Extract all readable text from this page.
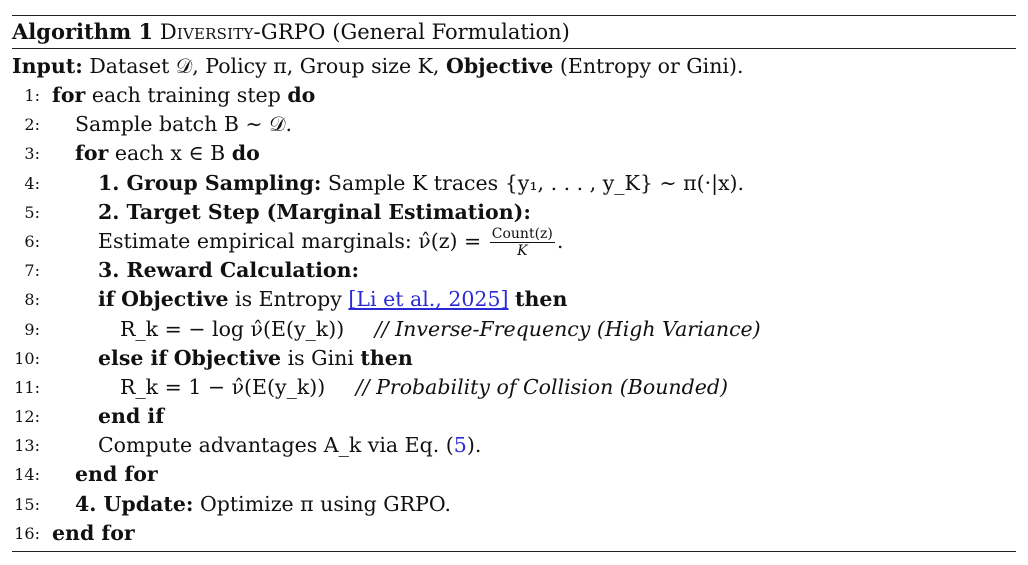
Algorithm 1 Diversity-GRPO (General Formulation)
Input: Dataset 𝒟, Policy π, Group size K, Objective (Entropy or Gini).
1: for each training step do
2: Sample batch B ∼ 𝒟.
3: for each x ∈ B do
4:	1. Group Sampling: Sample K traces {y₁, . . . , y_K} ∼ π(·|x).
5:	2. Target Step (Marginal Estimation):
6:	Estimate empirical marginals: ν̂(z) = $\frac{\text{Count(z)}}{K}$ .
7:	3. Reward Calculation:
8:	if Objective is Entropy [Li et al., 2025] then
9:	R_k = − log ν̂(E(y_k)) // Inverse-Frequency (High Variance)
10:	else if Objective is Gini then
11:	R_k = 1 − ν̂(E(y_k)) // Probability of Collision (Bounded)
12:	end if
13:	Compute advantages A_k via Eq. (5).
14: end for
15: 4. Update: Optimize π using GRPO.
16: end for
